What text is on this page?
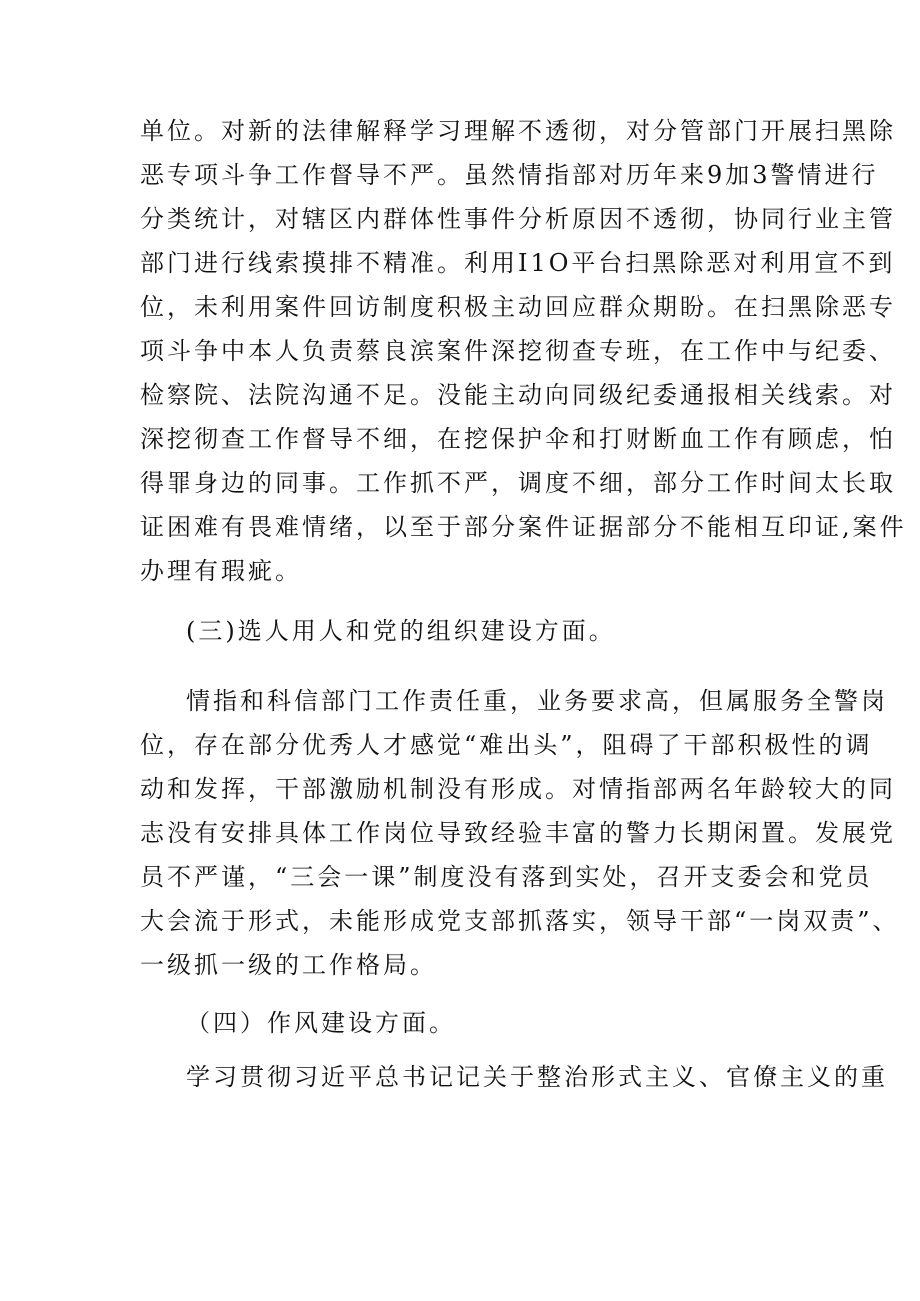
单位。对新的法律解释学习理解不透彻，对分管部门开展扫黑除
恶专项斗争工作督导不严。虽然情指部对历年来9加3警情进行
分类统计，对辖区内群体性事件分析原因不透彻，协同行业主管
部门进行线索摸排不精准。利用I1O平台扫黑除恶对利用宣不到
位，未利用案件回访制度积极主动回应群众期盼。在扫黑除恶专
项斗争中本人负责蔡良滨案件深挖彻查专班，在工作中与纪委、
检察院、法院沟通不足。没能主动向同级纪委通报相关线索。对
深挖彻查工作督导不细，在挖保护伞和打财断血工作有顾虑，怕
得罪身边的同事。工作抓不严，调度不细，部分工作时间太长取
证困难有畏难情绪，以至于部分案件证据部分不能相互印证,案件
办理有瑕疵。
(三)选人用人和党的组织建设方面。
情指和科信部门工作责任重，业务要求高，但属服务全警岗
位，存在部分优秀人才感觉“难出头”，阻碍了干部积极性的调
动和发挥，干部激励机制没有形成。对情指部两名年龄较大的同
志没有安排具体工作岗位导致经验丰富的警力长期闲置。发展党
员不严谨，“三会一课”制度没有落到实处，召开支委会和党员
大会流于形式，未能形成党支部抓落实，领导干部“一岗双责”、
一级抓一级的工作格局。
（四）作风建设方面。
学习贯彻习近平总书记记关于整治形式主义、官僚主义的重
